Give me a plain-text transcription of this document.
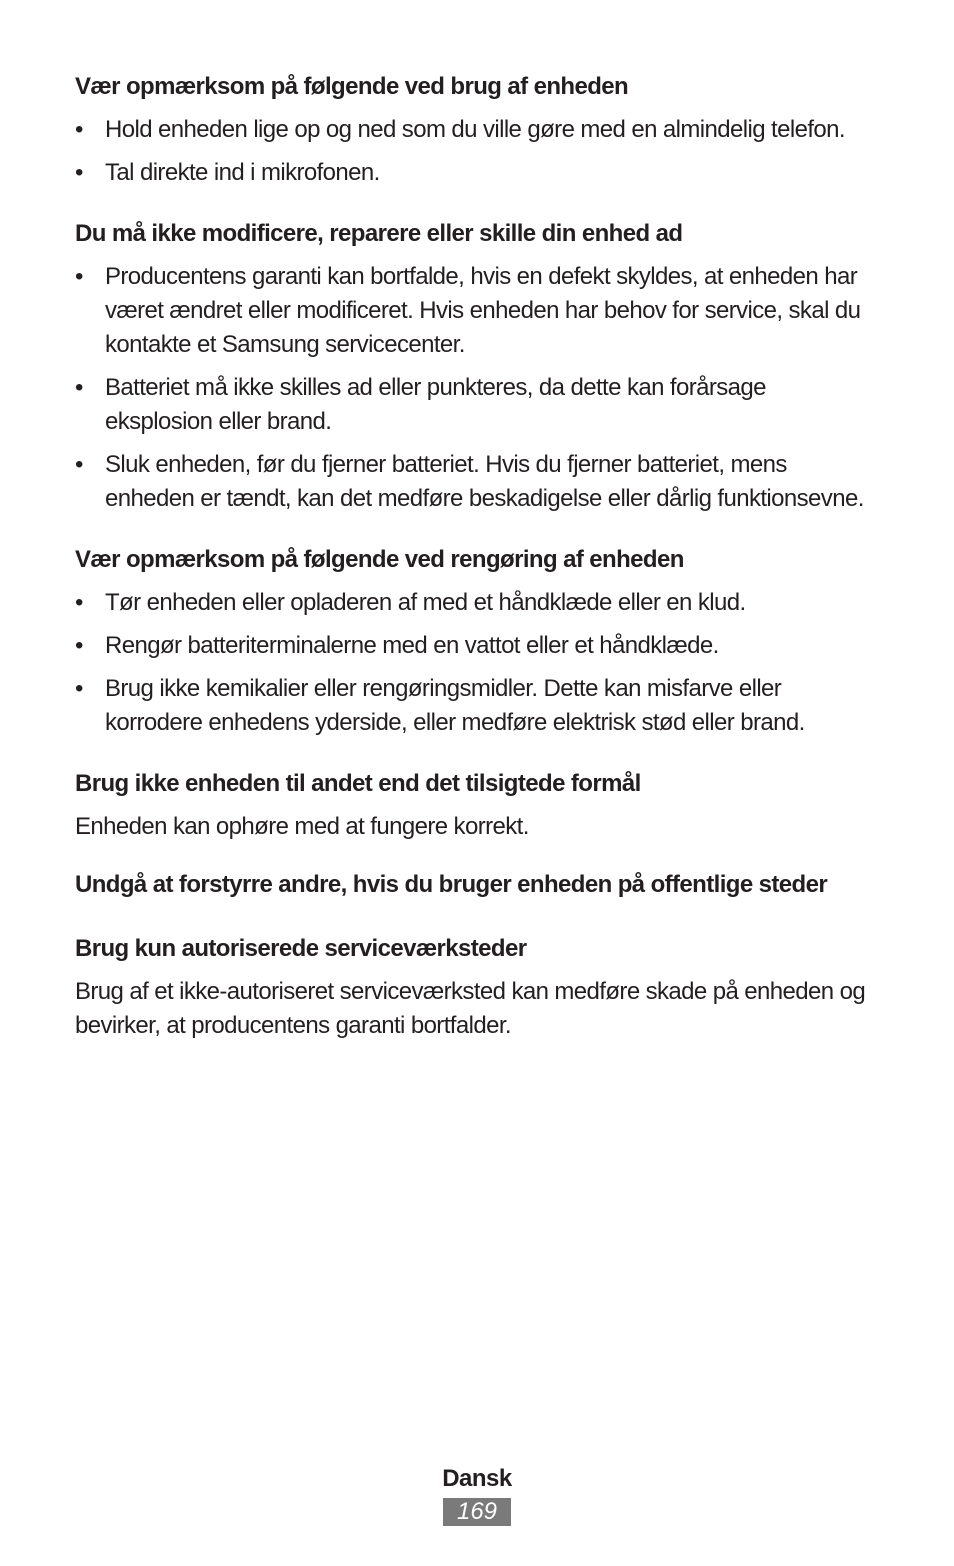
Vær opmærksom på følgende ved brug af enheden
• Hold enheden lige op og ned som du ville gøre med en almindelig telefon.
• Tal direkte ind i mikrofonen.
Du må ikke modificere, reparere eller skille din enhed ad
• Producentens garanti kan bortfalde, hvis en defekt skyldes, at enheden har været ændret eller modificeret. Hvis enheden har behov for service, skal du kontakte et Samsung servicecenter.
• Batteriet må ikke skilles ad eller punkteres, da dette kan forårsage eksplosion eller brand.
• Sluk enheden, før du fjerner batteriet. Hvis du fjerner batteriet, mens enheden er tændt, kan det medføre beskadigelse eller dårlig funktionsevne.
Vær opmærksom på følgende ved rengøring af enheden
• Tør enheden eller opladeren af med et håndklæde eller en klud.
• Rengør batteriterminalerne med en vattot eller et håndklæde.
• Brug ikke kemikalier eller rengøringsmidler. Dette kan misfarve eller korrodere enhedens yderside, eller medføre elektrisk stød eller brand.
Brug ikke enheden til andet end det tilsigtede formål

Enheden kan ophøre med at fungere korrekt.

Undgå at forstyrre andre, hvis du bruger enheden på offentlige steder
Brug kun autoriserede serviceværksteder

Brug af et ikke-autoriseret serviceværksted kan medføre skade på enheden og bevirker, at producentens garanti bortfalder.

Dansk
169
